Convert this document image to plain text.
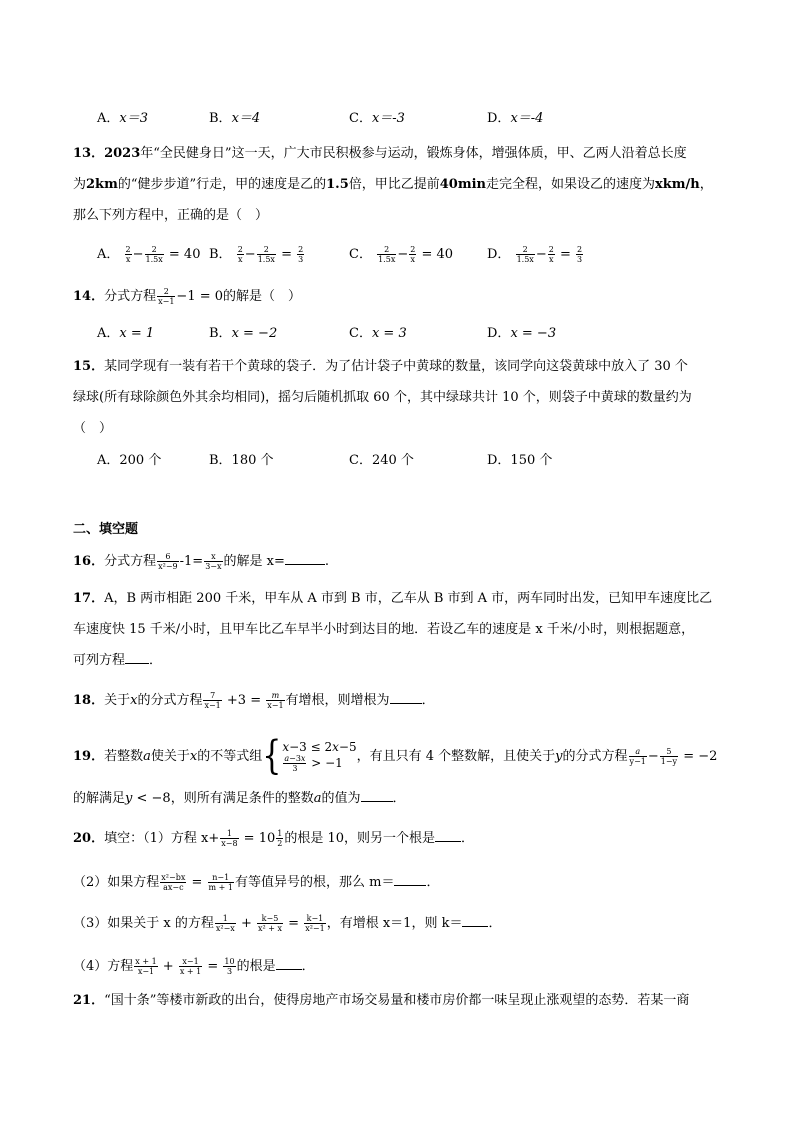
A．x＝3	B．x＝4	C．x＝-3	D．x＝-4
13．2023年“全民健身日”这一天，广大市民积极参与运动，锻炼身体，增强体质，甲、乙两人沿着总长度
为2km的“健步步道”行走，甲的速度是乙的1.5倍，甲比乙提前40min走完全程，如果设乙的速度为xkm/h，
那么下列方程中，正确的是（　）
A． $\frac{2}{x} - \frac{2}{1.5x} = 40$ B． $\frac{2}{x} - \frac{2}{1.5x} = \frac{2}{3}$	C． $\frac{2}{1.5x} - \frac{2}{x} = 40$	D． $\frac{2}{1.5x} - \frac{2}{x} = \frac{2}{3}$
14．分式方程 $\frac{2}{x-1} -1 = 0$的解是（　）
A．x = 1	B．x = −2	C．x = 3	D．x = −3
15．某同学现有一装有若干个黄球的袋子．为了估计袋子中黄球的数量，该同学向这袋黄球中放入了 30 个
绿球(所有球除颜色外其余均相同)，摇匀后随机抓取 60 个，其中绿球共计 10 个，则袋子中黄球的数量约为
（　）
A．200 个	B．180 个	C．240 个	D．150 个
二、填空题
16．分式方程 $\frac{6}{\text{x²−9}} -1= \frac{x}{3-x}$ 的解是 x=	.
17．A，B 两市相距 200 千米，甲车从 A 市到 B 市，乙车从 B 市到 A 市，两车同时出发，已知甲车速度比乙
车速度快 15 千米/小时，且甲车比乙车早半小时到达目的地．若设乙车的速度是 x 千米/小时，则根据题意，
可列方程 ．
18．关于x的分式方程 $\frac{7}{x-1} +3 = \frac{m}{x-1}$ 有增根，则增根为 ．
19．若整数a使关于x的不等式组{ x−3 ≤ 2x−5
$\frac{a-3x}{3} > -1$	，有且只有 4 个整数解，且使关于y的分式方程 $\frac{a}{y-1} - \frac{5}{1-y} = -2$
的解满足y < −8，则所有满足条件的整数a的值为 ．
20．填空：（1）方程 $x+ \frac{1}{x-8} = 10 \frac{1}{2}$ 的根是 10，则另一个根是 ．
（2）如果方程 $\frac{\text{x²−bx}}{ax-c} = \frac{n-1}{m + 1}$ 有等值异号的根，那么 m＝ ．
（3）如果关于 x 的方程 $\frac{1}{\text{x²−x}} + \frac{k-5}{\text{x² + x}} = \frac{k-1}{\text{x²−1}}$ ，有增根 x＝1，则 k＝ ．
（4）方程 $\frac{x + 1}{x-1} + \frac{x-1}{x + 1} = \frac{10}{3}$ 的根是 ．
21．“国十条”等楼市新政的出台，使得房地产市场交易量和楼市房价都一味呈现止涨观望的态势．若某一商
